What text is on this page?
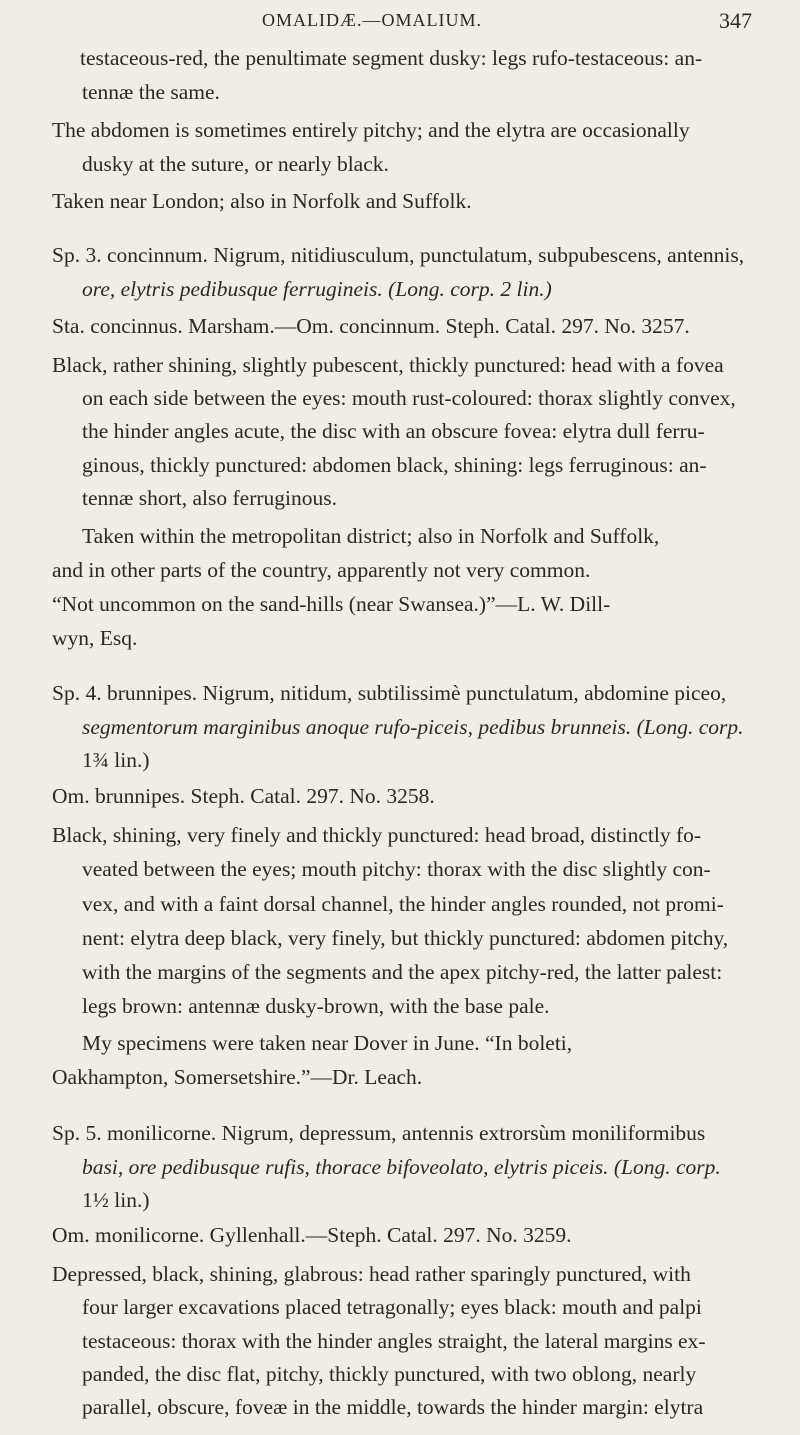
OMALIDÆ.—OMALIUM.	347
testaceous-red, the penultimate segment dusky: legs rufo-testaceous: an-
tennæ the same.
The abdomen is sometimes entirely pitchy; and the elytra are occasionally
dusky at the suture, or nearly black.
Taken near London; also in Norfolk and Suffolk.
Sp. 3. concinnum. Nigrum, nitidiusculum, punctulatum, subpubescens, antennis,
ore, elytris pedibusque ferrugineis. (Long. corp. 2 lin.)
Sta. concinnus. Marsham.—Om. concinnum. Steph. Catal. 297. No. 3257.
Black, rather shining, slightly pubescent, thickly punctured: head with a fovea
on each side between the eyes: mouth rust-coloured: thorax slightly convex,
the hinder angles acute, the disc with an obscure fovea: elytra dull ferru-
ginous, thickly punctured: abdomen black, shining: legs ferruginous: an-
tennæ short, also ferruginous.
Taken within the metropolitan district; also in Norfolk and Suffolk,
and in other parts of the country, apparently not very common.
“Not uncommon on the sand-hills (near Swansea.)”—L. W. Dill-
wyn, Esq.
Sp. 4. brunnipes. Nigrum, nitidum, subtilissimè punctulatum, abdomine piceo,
segmentorum marginibus anoque rufo-piceis, pedibus brunneis. (Long. corp.
1¾ lin.)
Om. brunnipes. Steph. Catal. 297. No. 3258.
Black, shining, very finely and thickly punctured: head broad, distinctly fo-
veated between the eyes; mouth pitchy: thorax with the disc slightly con-
vex, and with a faint dorsal channel, the hinder angles rounded, not promi-
nent: elytra deep black, very finely, but thickly punctured: abdomen pitchy,
with the margins of the segments and the apex pitchy-red, the latter palest:
legs brown: antennæ dusky-brown, with the base pale.
My specimens were taken near Dover in June. “In boleti,
Oakhampton, Somersetshire.”—Dr. Leach.
Sp. 5. monilicorne. Nigrum, depressum, antennis extrorsùm moniliformibus
basi, ore pedibusque rufis, thorace bifoveolato, elytris piceis. (Long. corp.
1½ lin.)
Om. monilicorne. Gyllenhall.—Steph. Catal. 297. No. 3259.
Depressed, black, shining, glabrous: head rather sparingly punctured, with
four larger excavations placed tetragonally; eyes black: mouth and palpi
testaceous: thorax with the hinder angles straight, the lateral margins ex-
panded, the disc flat, pitchy, thickly punctured, with two oblong, nearly
parallel, obscure, foveæ in the middle, towards the hinder margin: elytra
